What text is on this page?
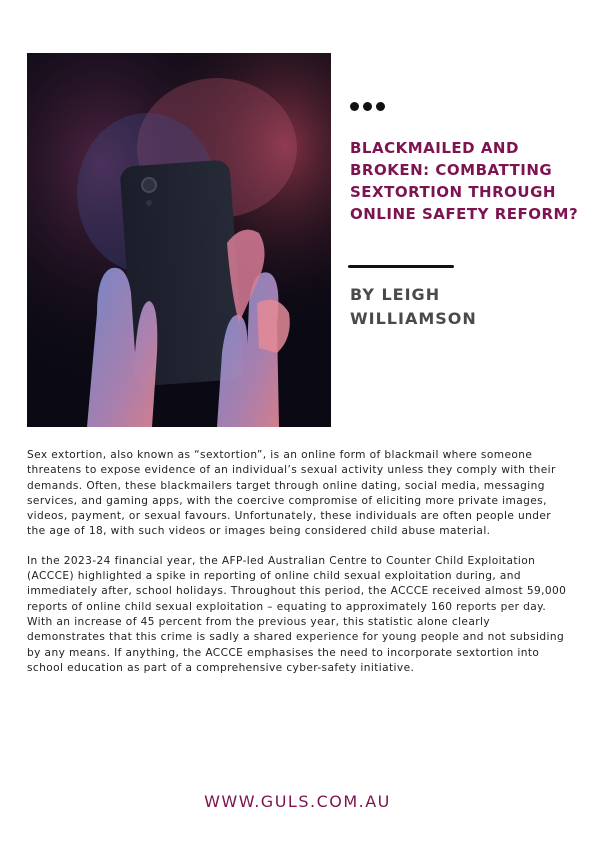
BLACKMAILED AND BROKEN: COMBATTING SEXTORTION THROUGH ONLINE SAFETY REFORM?

BY LEIGH WILLIAMSON

Sex extortion, also known as “sextortion”, is an online form of blackmail where someone threatens to expose evidence of an individual’s sexual activity unless they comply with their demands. Often, these blackmailers target through online dating, social media, messaging services, and gaming apps, with the coercive compromise of eliciting more private images, videos, payment, or sexual favours. Unfortunately, these individuals are often people under the age of 18, with such videos or images being considered child abuse material.

In the 2023-24 financial year, the AFP-led Australian Centre to Counter Child Exploitation (ACCCE) highlighted a spike in reporting of online child sexual exploitation during, and immediately after, school holidays. Throughout this period, the ACCCE received almost 59,000 reports of online child sexual exploitation – equating to approximately 160 reports per day. With an increase of 45 percent from the previous year, this statistic alone clearly demonstrates that this crime is sadly a shared experience for young people and not subsiding by any means. If anything, the ACCCE emphasises the need to incorporate sextortion into school education as part of a comprehensive cyber-safety initiative.

WWW.GULS.COM.AU
